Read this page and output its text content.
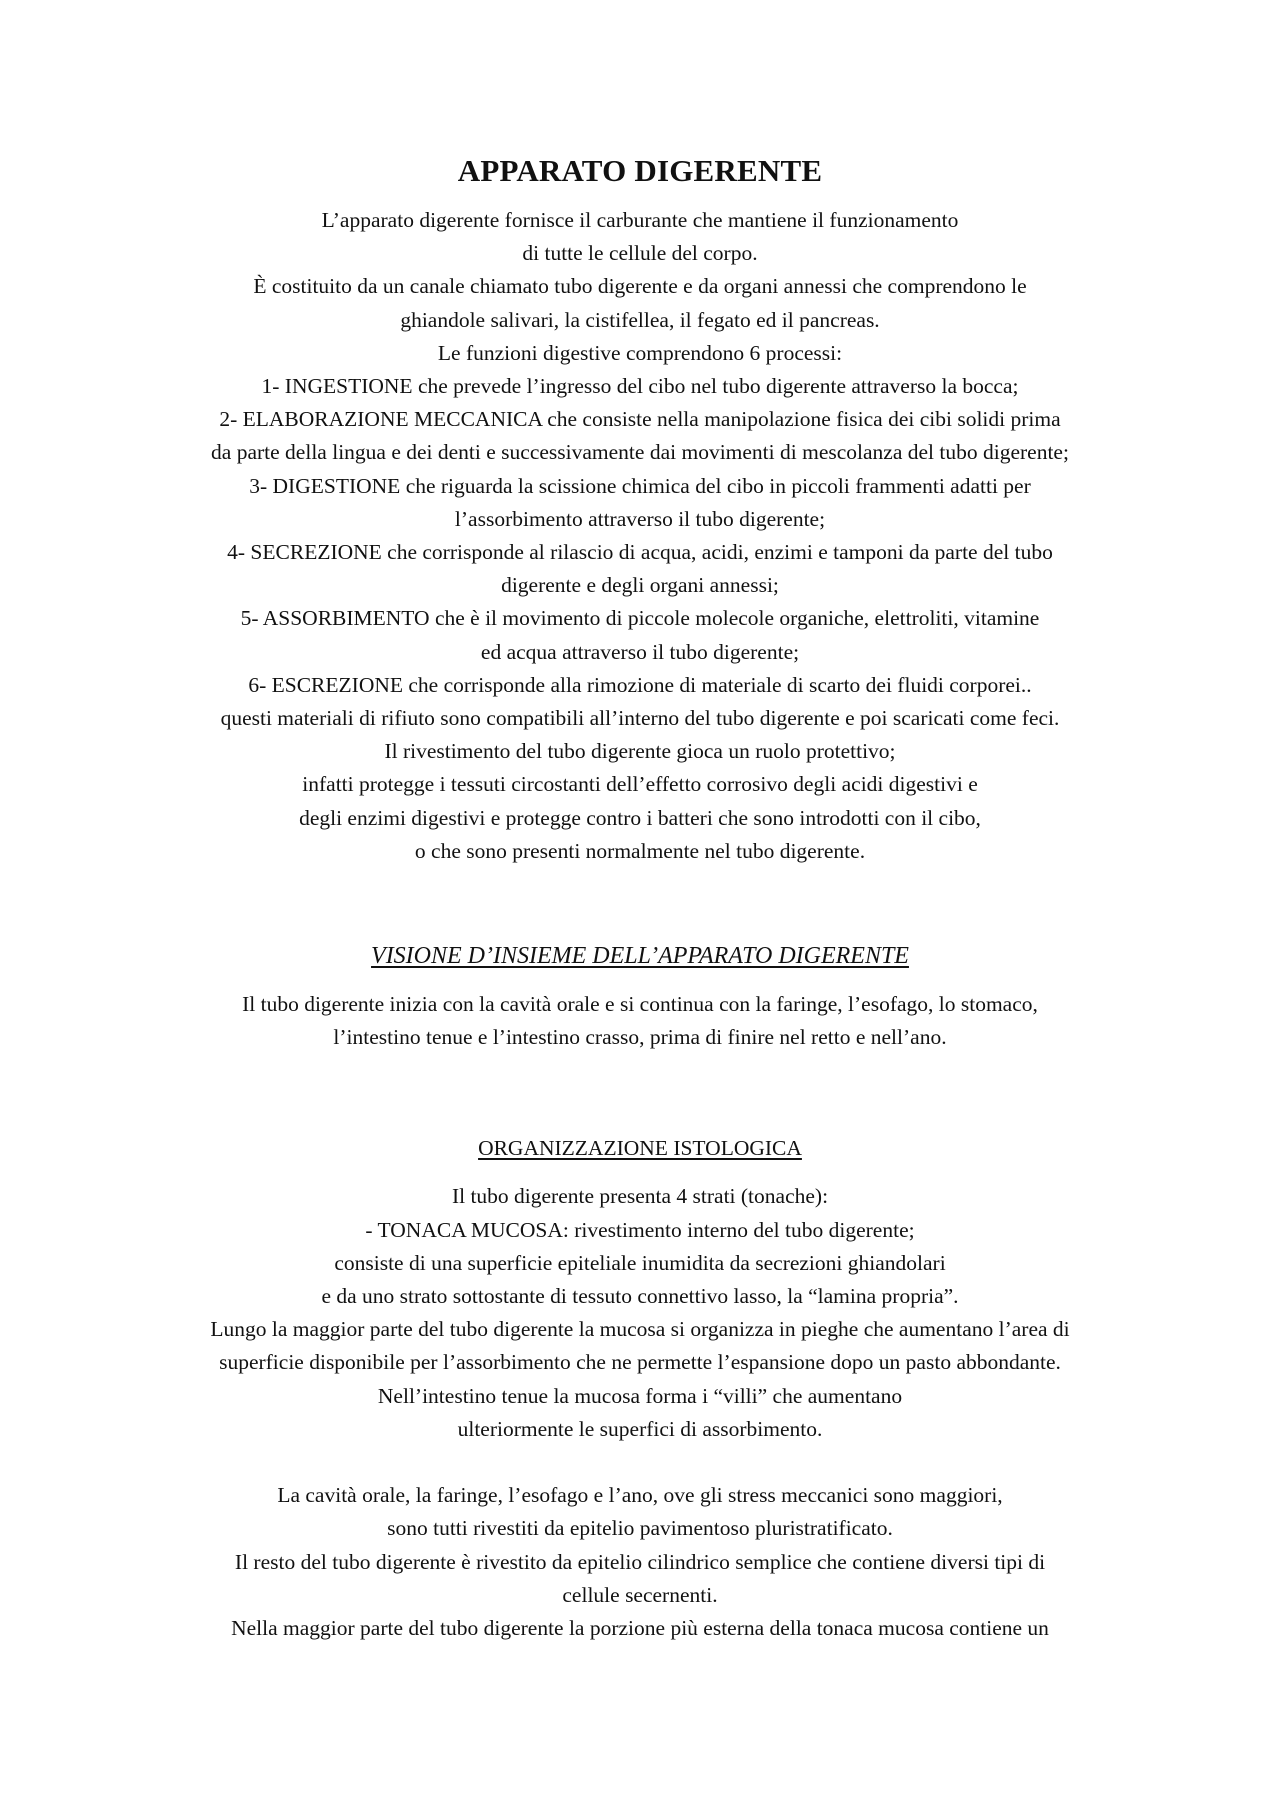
APPARATO DIGERENTE
L’apparato digerente fornisce il carburante che mantiene il funzionamento
di tutte le cellule del corpo.
È costituito da un canale chiamato tubo digerente e da organi annessi che comprendono le
ghiandole salivari, la cistifellea, il fegato ed il pancreas.
Le funzioni digestive comprendono 6 processi:
1- INGESTIONE che prevede l’ingresso del cibo nel tubo digerente attraverso la bocca;
2- ELABORAZIONE MECCANICA che consiste nella manipolazione fisica dei cibi solidi prima
da parte della lingua e dei denti e successivamente dai movimenti di mescolanza del tubo digerente;
3- DIGESTIONE che riguarda la scissione chimica del cibo in piccoli frammenti adatti per
l’assorbimento attraverso il tubo digerente;
4- SECREZIONE che corrisponde al rilascio di acqua, acidi, enzimi e tamponi da parte del tubo
digerente e degli organi annessi;
5- ASSORBIMENTO che è il movimento di piccole molecole organiche, elettroliti, vitamine
ed acqua attraverso il tubo digerente;
6- ESCREZIONE che corrisponde alla rimozione di materiale di scarto dei fluidi corporei..
questi materiali di rifiuto sono compatibili all’interno del tubo digerente e poi scaricati come feci.
Il rivestimento del tubo digerente gioca un ruolo protettivo;
infatti protegge i tessuti circostanti dell’effetto corrosivo degli acidi digestivi e
degli enzimi digestivi e protegge contro i batteri che sono introdotti con il cibo,
o che sono presenti normalmente nel tubo digerente.
VISIONE D’INSIEME DELL’APPARATO DIGERENTE
Il tubo digerente inizia con la cavità orale e si continua con la faringe, l’esofago, lo stomaco,
l’intestino tenue e l’intestino crasso, prima di finire nel retto e nell’ano.
ORGANIZZAZIONE ISTOLOGICA
Il tubo digerente presenta 4 strati (tonache):
- TONACA MUCOSA: rivestimento interno del tubo digerente;
consiste di una superficie epiteliale inumidita da secrezioni ghiandolari
e da uno strato sottostante di tessuto connettivo lasso, la “lamina propria”.
Lungo la maggior parte del tubo digerente la mucosa si organizza in pieghe che aumentano l’area di
superficie disponibile per l’assorbimento che ne permette l’espansione dopo un pasto abbondante.
Nell’intestino tenue la mucosa forma i “villi” che aumentano
ulteriormente le superfici di assorbimento.
La cavità orale, la faringe, l’esofago e l’ano, ove gli stress meccanici sono maggiori,
sono tutti rivestiti da epitelio pavimentoso pluristratificato.
Il resto del tubo digerente è rivestito da epitelio cilindrico semplice che contiene diversi tipi di
cellule secernenti.
Nella maggior parte del tubo digerente la porzione più esterna della tonaca mucosa contiene un
